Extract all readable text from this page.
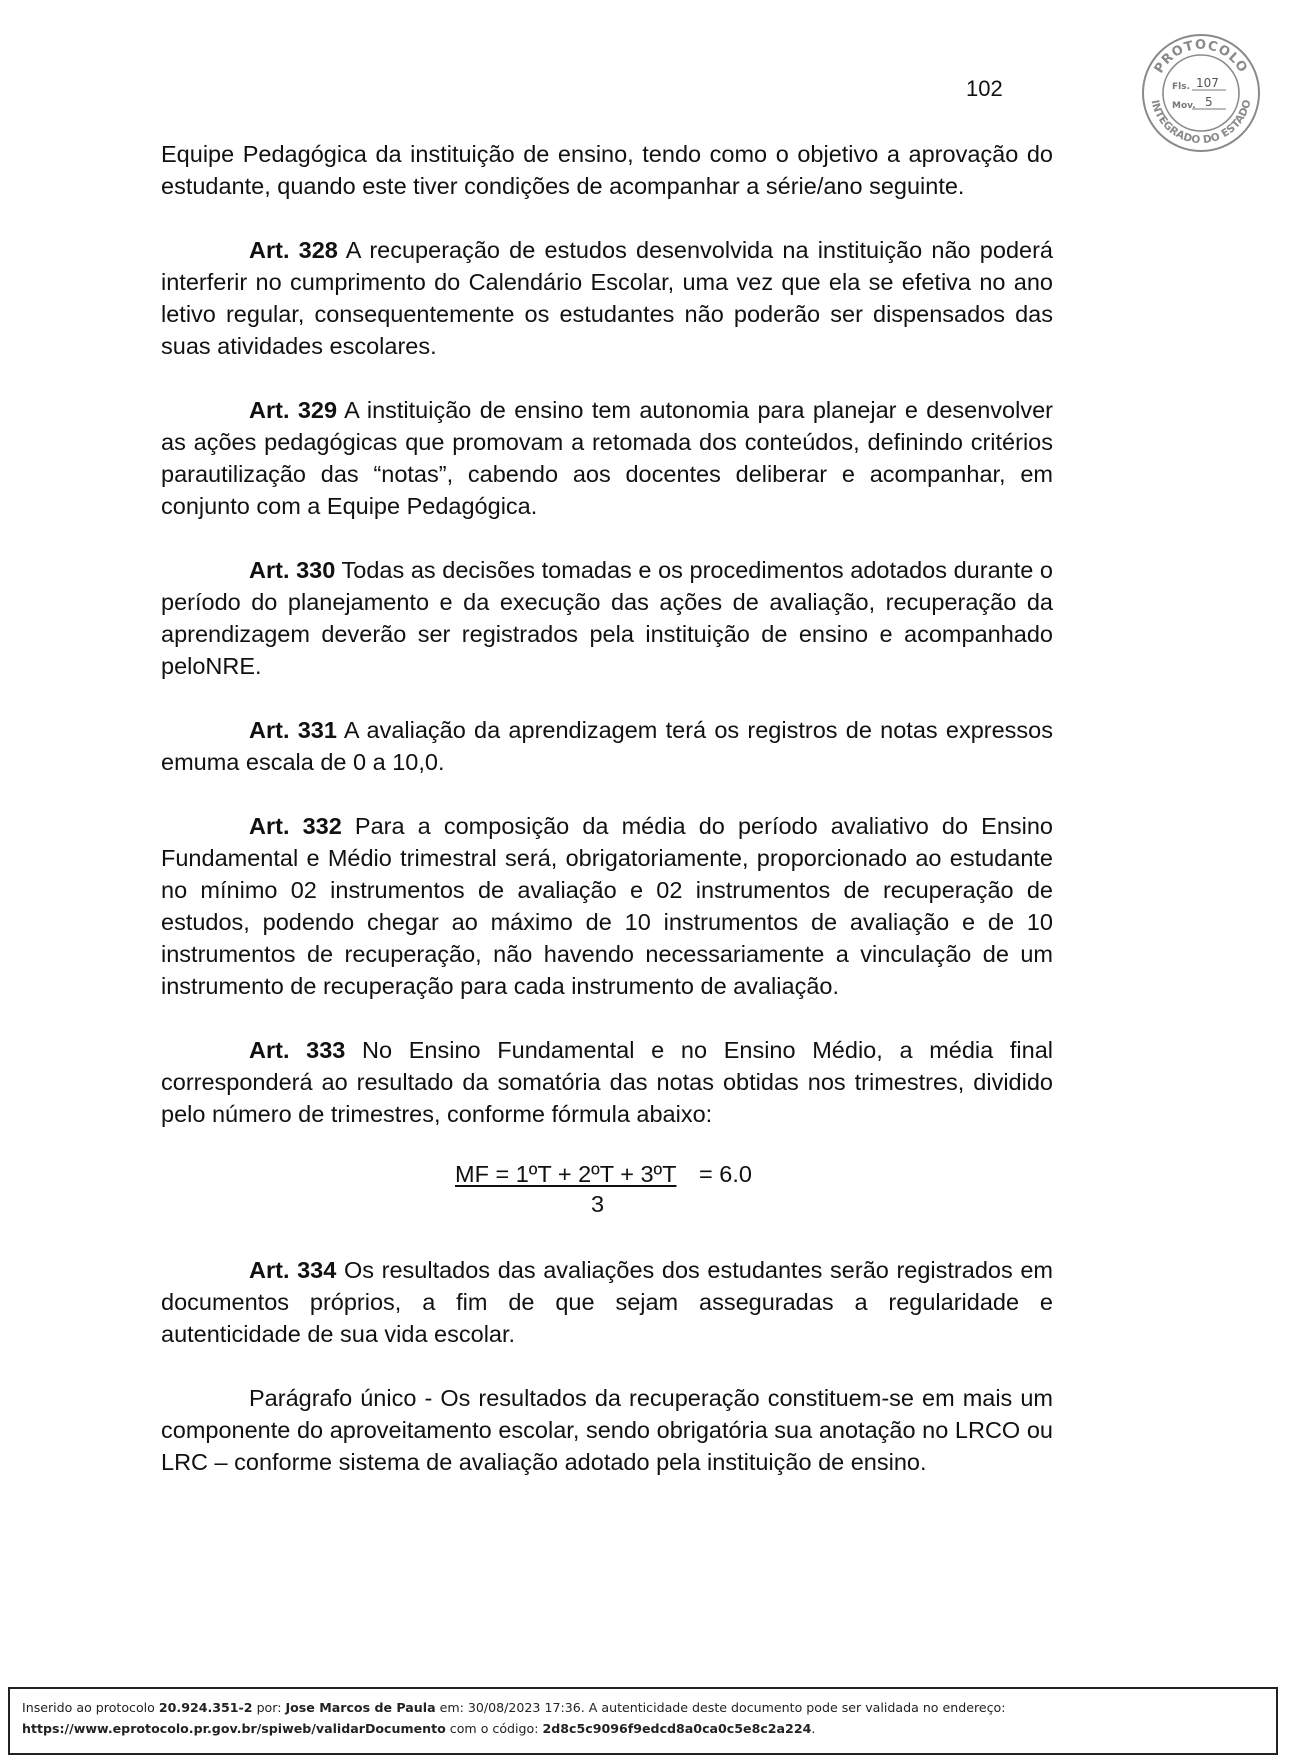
102
PROTOCOLO
INTEGRADO DO ESTADO
Fls. 107
Mov. 5

Equipe Pedagógica da instituição de ensino, tendo como o objetivo a aprovação do estudante, quando este tiver condições de acompanhar a série/ano seguinte.

Art. 328 A recuperação de estudos desenvolvida na instituição não poderá interferir no cumprimento do Calendário Escolar, uma vez que ela se efetiva no ano letivo regular, consequentemente os estudantes não poderão ser dispensados das suas atividades escolares.

Art. 329 A instituição de ensino tem autonomia para planejar e desenvolver as ações pedagógicas que promovam a retomada dos conteúdos, definindo critérios parautilização das “notas”, cabendo aos docentes deliberar e acompanhar, em conjunto com a Equipe Pedagógica.

Art. 330 Todas as decisões tomadas e os procedimentos adotados durante o período do planejamento e da execução das ações de avaliação, recuperação da aprendizagem deverão ser registrados pela instituição de ensino e acompanhado peloNRE.

Art. 331 A avaliação da aprendizagem terá os registros de notas expressos emuma escala de 0 a 10,0.

Art. 332 Para a composição da média do período avaliativo do Ensino Fundamental e Médio trimestral será, obrigatoriamente, proporcionado ao estudante no mínimo 02 instrumentos de avaliação e 02 instrumentos de recuperação de estudos, podendo chegar ao máximo de 10 instrumentos de avaliação e de 10 instrumentos de recuperação, não havendo necessariamente a vinculação de um instrumento de recuperação para cada instrumento de avaliação.

Art. 333 No Ensino Fundamental e no Ensino Médio, a média final corresponderá ao resultado da somatória das notas obtidas nos trimestres, dividido pelo número de trimestres, conforme fórmula abaixo:

MF = 1ºT + 2ºT + 3ºT = 6.0
3

Art. 334 Os resultados das avaliações dos estudantes serão registrados em documentos próprios, a fim de que sejam asseguradas a regularidade e autenticidade de sua vida escolar.

Parágrafo único - Os resultados da recuperação constituem-se em mais um componente do aproveitamento escolar, sendo obrigatória sua anotação no LRCO ou LRC – conforme sistema de avaliação adotado pela instituição de ensino.

Inserido ao protocolo 20.924.351-2 por: Jose Marcos de Paula em: 30/08/2023 17:36. A autenticidade deste documento pode ser validada no endereço:
https://www.eprotocolo.pr.gov.br/spiweb/validarDocumento com o código: 2d8c5c9096f9edcd8a0ca0c5e8c2a224.
